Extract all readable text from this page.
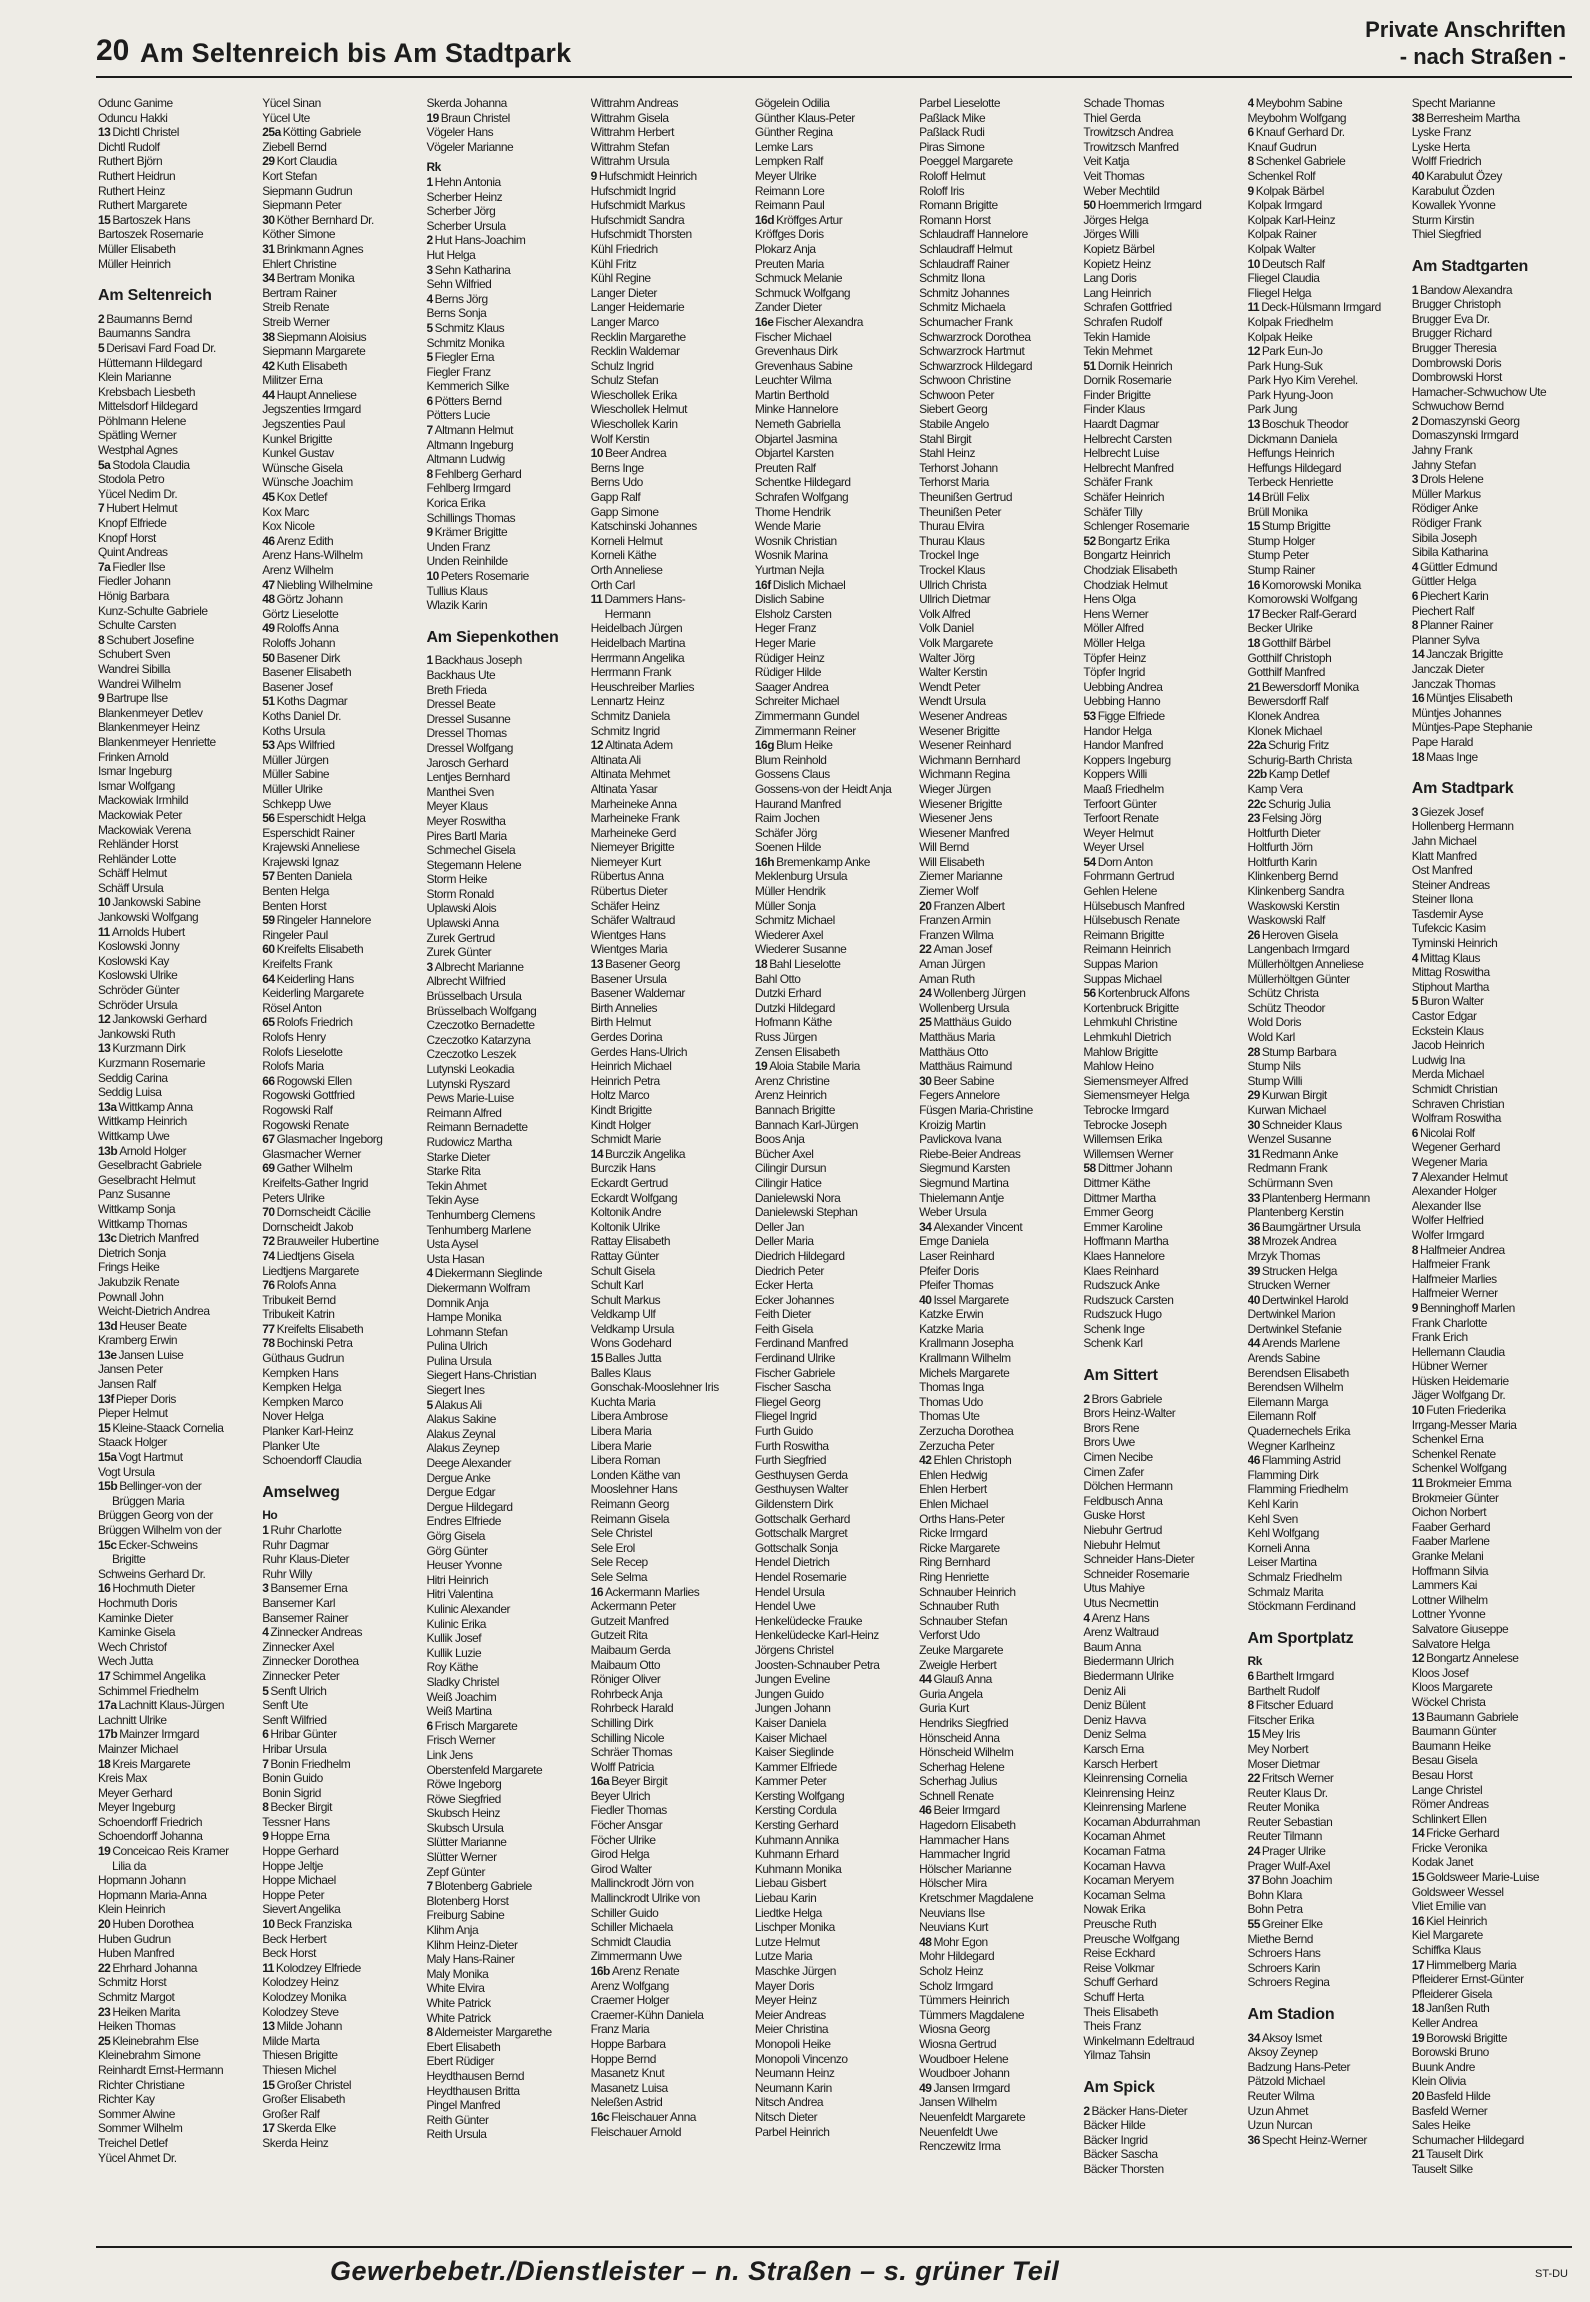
20 Am Seltenreich bis Am Stadtpark
Private Anschriften
- nach Straßen -
Odunc Ganime
Oduncu Hakki
13 Dichtl Christel
Dichtl Rudolf
Ruthert Björn
Ruthert Heidrun
Ruthert Heinz
Ruthert Margarete
15 Bartoszek Hans
Bartoszek Rosemarie
Müller Elisabeth
Müller Heinrich
Am Seltenreich
2 Baumanns Bernd
Baumanns Sandra
5 Derisavi Fard Foad Dr.
Hüttemann Hildegard
Klein Marianne
Krebsbach Liesbeth
Mittelsdorf Hildegard
Pöhlmann Helene
Spätling Werner
Westphal Agnes
5a Stodola Claudia
Stodola Petro
Yücel Nedim Dr.
7 Hubert Helmut
Knopf Elfriede
Knopf Horst
Quint Andreas
7a Fiedler Ilse
Fiedler Johann
Hönig Barbara
Kunz-Schulte Gabriele
Schulte Carsten
8 Schubert Josefine
Schubert Sven
Wandrei Sibilla
Wandrei Wilhelm
9 Bartrupe Ilse
Blankenmeyer Detlev
Blankenmeyer Heinz
Blankenmeyer Henriette
Frinken Arnold
Ismar Ingeburg
Ismar Wolfgang
Mackowiak Irmhild
Mackowiak Peter
Mackowiak Verena
Rehländer Horst
Rehländer Lotte
Schäff Helmut
Schäff Ursula
10 Jankowski Sabine
Jankowski Wolfgang
11 Arnolds Hubert
Koslowski Jonny
Koslowski Kay
Koslowski Ulrike
Schröder Günter
Schröder Ursula
12 Jankowski Gerhard
Jankowski Ruth
13 Kurzmann Dirk
Kurzmann Rosemarie
Seddig Carina
Seddig Luisa
13a Wittkamp Anna
Wittkamp Heinrich
Wittkamp Uwe
13b Arnold Holger
Geselbracht Gabriele
Geselbracht Helmut
Panz Susanne
Wittkamp Sonja
Wittkamp Thomas
13c Dietrich Manfred
Dietrich Sonja
Frings Heike
Jakubzik Renate
Pownall John
Weicht-Dietrich Andrea
13d Heuser Beate
Kramberg Erwin
13e Jansen Luise
Jansen Peter
Jansen Ralf
13f Pieper Doris
Pieper Helmut
15 Kleine-Staack Cornelia
Staack Holger
15a Vogt Hartmut
Vogt Ursula
15b Bellinger-von der
Brüggen Maria
Brüggen Georg von der
Brüggen Wilhelm von der
15c Ecker-Schweins
Brigitte
Schweins Gerhard Dr.
16 Hochmuth Dieter
Hochmuth Doris
Kaminke Dieter
Kaminke Gisela
Wech Christof
Wech Jutta
17 Schimmel Angelika
Schimmel Friedhelm
17a Lachnitt Klaus-Jürgen
Lachnitt Ulrike
17b Mainzer Irmgard
Mainzer Michael
18 Kreis Margarete
Kreis Max
Meyer Gerhard
Meyer Ingeburg
Schoendorff Friedrich
Schoendorff Johanna
19 Conceicao Reis Kramer
Lilia da
Hopmann Johann
Hopmann Maria-Anna
Klein Heinrich
20 Huben Dorothea
Huben Gudrun
Huben Manfred
22 Ehrhard Johanna
Schmitz Horst
Schmitz Margot
23 Heiken Marita
Heiken Thomas
25 Kleinebrahm Else
Kleinebrahm Simone
Reinhardt Ernst-Hermann
Richter Christiane
Richter Kay
Sommer Alwine
Sommer Wilhelm
Treichel Detlef
Yücel Ahmet Dr.
Yücel Sinan
Yücel Ute
25a Kötting Gabriele
Ziebell Bernd
29 Kort Claudia
Kort Stefan
Siepmann Gudrun
Siepmann Peter
30 Köther Bernhard Dr.
Köther Simone
31 Brinkmann Agnes
Ehlert Christine
34 Bertram Monika
Bertram Rainer
Streib Renate
Streib Werner
38 Siepmann Aloisius
Siepmann Margarete
42 Kuth Elisabeth
Militzer Erna
44 Haupt Anneliese
Jegszenties Irmgard
Jegszenties Paul
Kunkel Brigitte
Kunkel Gustav
Wünsche Gisela
Wünsche Joachim
45 Kox Detlef
Kox Marc
Kox Nicole
46 Arenz Edith
Arenz Hans-Wilhelm
Arenz Wilhelm
47 Niebling Wilhelmine
48 Görtz Johann
Görtz Lieselotte
49 Roloffs Anna
Roloffs Johann
50 Basener Dirk
Basener Elisabeth
Basener Josef
51 Koths Dagmar
Koths Daniel Dr.
Koths Ursula
53 Aps Wilfried
Müller Jürgen
Müller Sabine
Müller Ulrike
Schkepp Uwe
56 Esperschidt Helga
Esperschidt Rainer
Krajewski Anneliese
Krajewski Ignaz
57 Benten Daniela
Benten Helga
Benten Horst
59 Ringeler Hannelore
Ringeler Paul
60 Kreifelts Elisabeth
Kreifelts Frank
64 Keiderling Hans
Keiderling Margarete
Rösel Anton
65 Rolofs Friedrich
Rolofs Henry
Rolofs Lieselotte
Rolofs Maria
66 Rogowski Ellen
Rogowski Gottfried
Rogowski Ralf
Rogowski Renate
67 Glasmacher Ingeborg
Glasmacher Werner
69 Gather Wilhelm
Kreifelts-Gather Ingrid
Peters Ulrike
70 Dornscheidt Cäcilie
Dornscheidt Jakob
72 Brauweiler Hubertine
74 Liedtjens Gisela
Liedtjens Margarete
76 Rolofs Anna
Tribukeit Bernd
Tribukeit Katrin
77 Kreifelts Elisabeth
78 Bochinski Petra
Güthaus Gudrun
Kempken Hans
Kempken Helga
Kempken Marco
Nover Helga
Planker Karl-Heinz
Planker Ute
Schoendorff Claudia
Amselweg
Ho
1 Ruhr Charlotte
Ruhr Dagmar
Ruhr Klaus-Dieter
Ruhr Willy
3 Bansemer Erna
Bansemer Karl
Bansemer Rainer
4 Zinnecker Andreas
Zinnecker Axel
Zinnecker Dorothea
Zinnecker Peter
5 Senft Ulrich
Senft Ute
Senft Wilfried
6 Hribar Günter
Hribar Ursula
7 Bonin Friedhelm
Bonin Guido
Bonin Sigrid
8 Becker Birgit
Tessner Hans
9 Hoppe Erna
Hoppe Gerhard
Hoppe Jeltje
Hoppe Michael
Hoppe Peter
Sievert Angelika
10 Beck Franziska
Beck Herbert
Beck Horst
11 Kolodzey Elfriede
Kolodzey Heinz
Kolodzey Monika
Kolodzey Steve
13 Milde Johann
Milde Marta
Thiesen Brigitte
Thiesen Michel
15 Großer Christel
Großer Elisabeth
Großer Ralf
17 Skerda Elke
Skerda Heinz
Skerda Johanna
19 Braun Christel
Vögeler Hans
Vögeler Marianne
Rk
1 Hehn Antonia
Scherber Heinz
Scherber Jörg
Scherber Ursula
2 Hut Hans-Joachim
Hut Helga
3 Sehn Katharina
Sehn Wilfried
4 Berns Jörg
Berns Sonja
5 Schmitz Klaus
Schmitz Monika
5 Fiegler Erna
Fiegler Franz
Kemmerich Silke
6 Pötters Bernd
Pötters Lucie
7 Altmann Helmut
Altmann Ingeburg
Altmann Ludwig
8 Fehlberg Gerhard
Fehlberg Irmgard
Korica Erika
Schillings Thomas
9 Krämer Brigitte
Unden Franz
Unden Reinhilde
10 Peters Rosemarie
Tullius Klaus
Wlazik Karin
Am Siepenkothen
1 Backhaus Joseph
Backhaus Ute
Breth Frieda
Dressel Beate
Dressel Susanne
Dressel Thomas
Dressel Wolfgang
Jarosch Gerhard
Lentjes Bernhard
Manthei Sven
Meyer Klaus
Meyer Roswitha
Pires Bartl Maria
Schmechel Gisela
Stegemann Helene
Storm Heike
Storm Ronald
Uplawski Alois
Uplawski Anna
Zurek Gertrud
Zurek Günter
3 Albrecht Marianne
Albrecht Wilfried
Brüsselbach Ursula
Brüsselbach Wolfgang
Czeczotko Bernadette
Czeczotko Katarzyna
Czeczotko Leszek
Lutynski Leokadia
Lutynski Ryszard
Pews Marie-Luise
Reimann Alfred
Reimann Bernadette
Rudowicz Martha
Starke Dieter
Starke Rita
Tekin Ahmet
Tekin Ayse
Tenhumberg Clemens
Tenhumberg Marlene
Usta Aysel
Usta Hasan
4 Diekermann Sieglinde
Diekermann Wolfram
Domnik Anja
Hampe Monika
Lohmann Stefan
Pulina Ulrich
Pulina Ursula
Siegert Hans-Christian
Siegert Ines
5 Alakus Ali
Alakus Sakine
Alakus Zeynal
Alakus Zeynep
Deege Alexander
Dergue Anke
Dergue Edgar
Dergue Hildegard
Endres Elfriede
Görg Gisela
Görg Günter
Heuser Yvonne
Hitri Heinrich
Hitri Valentina
Kulinic Alexander
Kulinic Erika
Kullik Josef
Kullik Luzie
Roy Käthe
Sladky Christel
Weiß Joachim
Weiß Martina
6 Frisch Margarete
Frisch Werner
Link Jens
Oberstenfeld Margarete
Röwe Ingeborg
Röwe Siegfried
Skubsch Heinz
Skubsch Ursula
Slütter Marianne
Slütter Werner
Zepf Günter
7 Blotenberg Gabriele
Blotenberg Horst
Freiburg Sabine
Klihm Anja
Klihm Heinz-Dieter
Maly Hans-Rainer
Maly Monika
White Elvira
White Patrick
White Patrick
8 Aldemeister Margarethe
Ebert Elisabeth
Ebert Rüdiger
Heydthausen Bernd
Heydthausen Britta
Pingel Manfred
Reith Günter
Reith Ursula
Wittrahm Andreas
Wittrahm Gisela
Wittrahm Herbert
Wittrahm Stefan
Wittrahm Ursula
9 Hufschmidt Heinrich
Hufschmidt Ingrid
Hufschmidt Markus
Hufschmidt Sandra
Hufschmidt Thorsten
Kühl Friedrich
Kühl Fritz
Kühl Regine
Langer Dieter
Langer Heidemarie
Langer Marco
Recklin Margarethe
Recklin Waldemar
Schulz Ingrid
Schulz Stefan
Wieschollek Erika
Wieschollek Helmut
Wieschollek Karin
Wolf Kerstin
10 Beer Andrea
Berns Inge
Berns Udo
Gapp Ralf
Gapp Simone
Katschinski Johannes
Korneli Helmut
Korneli Käthe
Orth Anneliese
Orth Carl
11 Dammers Hans-
Hermann
Heidelbach Jürgen
Heidelbach Martina
Herrmann Angelika
Herrmann Frank
Heuschreiber Marlies
Lennartz Heinz
Schmitz Daniela
Schmitz Ingrid
12 Altinata Adem
Altinata Ali
Altinata Mehmet
Altinata Yasar
Marheineke Anna
Marheineke Frank
Marheineke Gerd
Niemeyer Brigitte
Niemeyer Kurt
Rübertus Anna
Rübertus Dieter
Schäfer Heinz
Schäfer Waltraud
Wientges Hans
Wientges Maria
13 Basener Georg
Basener Ursula
Basener Waldemar
Birth Annelies
Birth Helmut
Gerdes Dorina
Gerdes Hans-Ulrich
Heinrich Michael
Heinrich Petra
Holtz Marco
Kindt Brigitte
Kindt Holger
Schmidt Marie
14 Burczik Angelika
Burczik Hans
Eckardt Gertrud
Eckardt Wolfgang
Koltonik Andre
Koltonik Ulrike
Rattay Elisabeth
Rattay Günter
Schult Gisela
Schult Karl
Schult Markus
Veldkamp Ulf
Veldkamp Ursula
Wons Godehard
15 Balles Jutta
Balles Klaus
Gonschak-Mooslehner Iris
Kuchta Maria
Libera Ambrose
Libera Maria
Libera Marie
Libera Roman
Londen Käthe van
Mooslehner Hans
Reimann Georg
Reimann Gisela
Sele Christel
Sele Erol
Sele Recep
Sele Selma
16 Ackermann Marlies
Ackermann Peter
Gutzeit Manfred
Gutzeit Rita
Maibaum Gerda
Maibaum Otto
Röniger Oliver
Rohrbeck Anja
Rohrbeck Harald
Schilling Dirk
Schilling Nicole
Schräer Thomas
Wolff Patricia
16a Beyer Birgit
Beyer Ulrich
Fiedler Thomas
Föcher Ansgar
Föcher Ulrike
Girod Helga
Girod Walter
Mallinckrodt Jörn von
Mallinckrodt Ulrike von
Schiller Guido
Schiller Michaela
Schmidt Claudia
Zimmermann Uwe
16b Arenz Renate
Arenz Wolfgang
Craemer Holger
Craemer-Kühn Daniela
Franz Maria
Hoppe Barbara
Hoppe Bernd
Masanetz Knut
Masanetz Luisa
Neleßen Astrid
16c Fleischauer Anna
Fleischauer Arnold
Gögelein Odilia
Günther Klaus-Peter
Günther Regina
Lemke Lars
Lempken Ralf
Meyer Ulrike
Reimann Lore
Reimann Paul
16d Kröffges Artur
Kröffges Doris
Plokarz Anja
Preuten Maria
Schmuck Melanie
Schmuck Wolfgang
Zander Dieter
16e Fischer Alexandra
Fischer Michael
Grevenhaus Dirk
Grevenhaus Sabine
Leuchter Wilma
Martin Berthold
Minke Hannelore
Nemeth Gabriella
Objartel Jasmina
Objartel Karsten
Preuten Ralf
Schentke Hildegard
Schrafen Wolfgang
Thome Hendrik
Wende Marie
Wosnik Christian
Wosnik Marina
Yurtman Nejla
16f Dislich Michael
Dislich Sabine
Elsholz Carsten
Heger Franz
Heger Marie
Rüdiger Heinz
Rüdiger Hilde
Saager Andrea
Schreiter Michael
Zimmermann Gundel
Zimmermann Reiner
16g Blum Heike
Blum Reinhold
Gossens Claus
Gossens-von der Heidt Anja
Haurand Manfred
Raim Jochen
Schäfer Jörg
Soenen Hilde
16h Bremenkamp Anke
Meklenburg Ursula
Müller Hendrik
Müller Sonja
Schmitz Michael
Wiederer Axel
Wiederer Susanne
18 Bahl Lieselotte
Bahl Otto
Dutzki Erhard
Dutzki Hildegard
Hofmann Käthe
Russ Jürgen
Zensen Elisabeth
19 Aloia Stabile Maria
Arenz Christine
Arenz Heinrich
Bannach Brigitte
Bannach Karl-Jürgen
Boos Anja
Bücher Axel
Cilingir Dursun
Cilingir Hatice
Danielewski Nora
Danielewski Stephan
Deller Jan
Deller Maria
Diedrich Hildegard
Diedrich Peter
Ecker Herta
Ecker Johannes
Feith Dieter
Feith Gisela
Ferdinand Manfred
Ferdinand Ulrike
Fischer Gabriele
Fischer Sascha
Fliegel Georg
Fliegel Ingrid
Furth Guido
Furth Roswitha
Furth Siegfried
Gesthuysen Gerda
Gesthuysen Walter
Gildenstern Dirk
Gottschalk Gerhard
Gottschalk Margret
Gottschalk Sonja
Hendel Dietrich
Hendel Rosemarie
Hendel Ursula
Hendel Uwe
Henkelüdecke Frauke
Henkelüdecke Karl-Heinz
Jörgens Christel
Joosten-Schnauber Petra
Jungen Eveline
Jungen Guido
Jungen Johann
Kaiser Daniela
Kaiser Michael
Kaiser Sieglinde
Kammer Elfriede
Kammer Peter
Kersting Wolfgang
Kersting Cordula
Kersting Gerhard
Kuhmann Annika
Kuhmann Erhard
Kuhmann Monika
Liebau Gisbert
Liebau Karin
Liedtke Helga
Lischper Monika
Lutze Helmut
Lutze Maria
Maschke Jürgen
Mayer Doris
Meyer Heinz
Meier Andreas
Meier Christina
Monopoli Heike
Monopoli Vincenzo
Neumann Heinz
Neumann Karin
Nitsch Andrea
Nitsch Dieter
Parbel Heinrich
Parbel Lieselotte
Paßlack Mike
Paßlack Rudi
Piras Simone
Poeggel Margarete
Roloff Helmut
Roloff Iris
Romann Brigitte
Romann Horst
Schlaudraff Hannelore
Schlaudraff Helmut
Schlaudraff Rainer
Schmitz Ilona
Schmitz Johannes
Schmitz Michaela
Schumacher Frank
Schwarzrock Dorothea
Schwarzrock Hartmut
Schwarzrock Hildegard
Schwoon Christine
Schwoon Peter
Siebert Georg
Stabile Angelo
Stahl Birgit
Stahl Heinz
Terhorst Johann
Terhorst Maria
Theunißen Gertrud
Theunißen Peter
Thurau Elvira
Thurau Klaus
Trockel Inge
Trockel Klaus
Ullrich Christa
Ullrich Dietmar
Volk Alfred
Volk Daniel
Volk Margarete
Walter Jörg
Walter Kerstin
Wendt Peter
Wendt Ursula
Wesener Andreas
Wesener Brigitte
Wesener Reinhard
Wichmann Bernhard
Wichmann Regina
Wieger Jürgen
Wiesener Brigitte
Wiesener Jens
Wiesener Manfred
Will Bernd
Will Elisabeth
Ziemer Marianne
Ziemer Wolf
20 Franzen Albert
Franzen Armin
Franzen Wilma
22 Aman Josef
Aman Jürgen
Aman Ruth
24 Wollenberg Jürgen
Wollenberg Ursula
25 Matthäus Guido
Matthäus Maria
Matthäus Otto
Matthäus Raimund
30 Beer Sabine
Fegers Annelore
Füsgen Maria-Christine
Kroizig Martin
Pavlickova Ivana
Riebe-Beier Andreas
Siegmund Karsten
Siegmund Martina
Thielemann Antje
Weber Ursula
34 Alexander Vincent
Emge Daniela
Laser Reinhard
Pfeifer Doris
Pfeifer Thomas
40 Issel Margarete
Katzke Erwin
Katzke Maria
Krallmann Josepha
Krallmann Wilhelm
Michels Margarete
Thomas Inga
Thomas Udo
Thomas Ute
Zerzucha Dorothea
Zerzucha Peter
42 Ehlen Christoph
Ehlen Hedwig
Ehlen Herbert
Ehlen Michael
Orths Hans-Peter
Ricke Irmgard
Ricke Margarete
Ring Bernhard
Ring Henriette
Schnauber Heinrich
Schnauber Ruth
Schnauber Stefan
Verforst Udo
Zeuke Margarete
Zweigle Herbert
44 Glauß Anna
Guria Angela
Guria Kurt
Hendriks Siegfried
Hönscheid Anna
Hönscheid Wilhelm
Scherhag Helene
Scherhag Julius
Schnell Renate
46 Beier Irmgard
Hagedorn Elisabeth
Hammacher Hans
Hammacher Ingrid
Hölscher Marianne
Hölscher Mira
Kretschmer Magdalene
Neuvians Ilse
Neuvians Kurt
48 Mohr Egon
Mohr Hildegard
Scholz Heinz
Scholz Irmgard
Tümmers Heinrich
Tümmers Magdalene
Wiosna Georg
Wiosna Gertrud
Woudboer Helene
Woudboer Johann
49 Jansen Irmgard
Jansen Wilhelm
Neuenfeldt Margarete
Neuenfeldt Uwe
Renczewitz Irma
Schade Thomas
Thiel Gerda
Trowitzsch Andrea
Trowitzsch Manfred
Veit Katja
Veit Thomas
Weber Mechtild
50 Hoemmerich Irmgard
Jörges Helga
Jörges Willi
Kopietz Bärbel
Kopietz Heinz
Lang Doris
Lang Heinrich
Schrafen Gottfried
Schrafen Rudolf
Tekin Hamide
Tekin Mehmet
51 Dornik Heinrich
Dornik Rosemarie
Finder Brigitte
Finder Klaus
Haardt Dagmar
Helbrecht Carsten
Helbrecht Luise
Helbrecht Manfred
Schäfer Frank
Schäfer Heinrich
Schäfer Tilly
Schlenger Rosemarie
52 Bongartz Erika
Bongartz Heinrich
Chodziak Elisabeth
Chodziak Helmut
Hens Olga
Hens Werner
Möller Alfred
Möller Helga
Töpfer Heinz
Töpfer Ingrid
Uebbing Andrea
Uebbing Hanno
53 Figge Elfriede
Handor Helga
Handor Manfred
Koppers Ingeburg
Koppers Willi
Maaß Friedhelm
Terfoort Günter
Terfoort Renate
Weyer Helmut
Weyer Ursel
54 Dorn Anton
Fohrmann Gertrud
Gehlen Helene
Hülsebusch Manfred
Hülsebusch Renate
Reimann Brigitte
Reimann Heinrich
Suppas Marion
Suppas Michael
56 Kortenbruck Alfons
Kortenbruck Brigitte
Lehmkuhl Christine
Lehmkuhl Dietrich
Mahlow Brigitte
Mahlow Heino
Siemensmeyer Alfred
Siemensmeyer Helga
Tebrocke Irmgard
Tebrocke Joseph
Willemsen Erika
Willemsen Werner
58 Dittmer Johann
Dittmer Käthe
Dittmer Martha
Emmer Georg
Emmer Karoline
Hoffmann Martha
Klaes Hannelore
Klaes Reinhard
Rudszuck Anke
Rudszuck Carsten
Rudszuck Hugo
Schenk Inge
Schenk Karl
Am Sittert
2 Brors Gabriele
Brors Heinz-Walter
Brors Rene
Brors Uwe
Cimen Necibe
Cimen Zafer
Dölchen Hermann
Feldbusch Anna
Guske Horst
Niebuhr Gertrud
Niebuhr Helmut
Schneider Hans-Dieter
Schneider Rosemarie
Utus Mahiye
Utus Necmettin
4 Arenz Hans
Arenz Waltraud
Baum Anna
Biedermann Ulrich
Biedermann Ulrike
Deniz Ali
Deniz Bülent
Deniz Havva
Deniz Selma
Karsch Erna
Karsch Herbert
Kleinrensing Cornelia
Kleinrensing Heinz
Kleinrensing Marlene
Kocaman Abdurrahman
Kocaman Ahmet
Kocaman Fatma
Kocaman Havva
Kocaman Meryem
Kocaman Selma
Nowak Erika
Preusche Ruth
Preusche Wolfgang
Reise Eckhard
Reise Volkmar
Schuff Gerhard
Schuff Herta
Theis Elisabeth
Theis Franz
Winkelmann Edeltraud
Yilmaz Tahsin
Am Spick
2 Bäcker Hans-Dieter
Bäcker Hilde
Bäcker Ingrid
Bäcker Sascha
Bäcker Thorsten
4 Meybohm Sabine
Meybohm Wolfgang
6 Knauf Gerhard Dr.
Knauf Gudrun
8 Schenkel Gabriele
Schenkel Rolf
9 Kolpak Bärbel
Kolpak Irmgard
Kolpak Karl-Heinz
Kolpak Rainer
Kolpak Walter
10 Deutsch Ralf
Fliegel Claudia
Fliegel Helga
11 Deck-Hülsmann Irmgard
Kolpak Friedhelm
Kolpak Heike
12 Park Eun-Jo
Park Hung-Suk
Park Hyo Kim Verehel.
Park Hyung-Joon
Park Jung
13 Boschuk Theodor
Dickmann Daniela
Heffungs Heinrich
Heffungs Hildegard
Terbeck Henriette
14 Brüll Felix
Brüll Monika
15 Stump Brigitte
Stump Holger
Stump Peter
Stump Rainer
16 Komorowski Monika
Komorowski Wolfgang
17 Becker Ralf-Gerard
Becker Ulrike
18 Gotthilf Bärbel
Gotthilf Christoph
Gotthilf Manfred
21 Bewersdorff Monika
Bewersdorff Ralf
Klonek Andrea
Klonek Michael
22a Schurig Fritz
Schurig-Barth Christa
22b Kamp Detlef
Kamp Vera
22c Schurig Julia
23 Felsing Jörg
Holtfurth Dieter
Holtfurth Jörn
Holtfurth Karin
Klinkenberg Bernd
Klinkenberg Sandra
Waskowski Kerstin
Waskowski Ralf
26 Heroven Gisela
Langenbach Irmgard
Müllerhöltgen Anneliese
Müllerhöltgen Günter
Schütz Christa
Schütz Theodor
Wold Doris
Wold Karl
28 Stump Barbara
Stump Nils
Stump Willi
29 Kurwan Birgit
Kurwan Michael
30 Schneider Klaus
Wenzel Susanne
31 Redmann Anke
Redmann Frank
Schürmann Sven
33 Plantenberg Hermann
Plantenberg Kerstin
36 Baumgärtner Ursula
38 Mrozek Andrea
Mrzyk Thomas
39 Strucken Helga
Strucken Werner
40 Dertwinkel Harold
Dertwinkel Marion
Dertwinkel Stefanie
44 Arends Marlene
Arends Sabine
Berendsen Elisabeth
Berendsen Wilhelm
Eilemann Marga
Eilemann Rolf
Quadernechels Erika
Wegner Karlheinz
46 Flamming Astrid
Flamming Dirk
Flamming Friedhelm
Kehl Karin
Kehl Sven
Kehl Wolfgang
Korneli Anna
Leiser Martina
Schmalz Friedhelm
Schmalz Marita
Stöckmann Ferdinand
Am Sportplatz
Rk
6 Barthelt Irmgard
Barthelt Rudolf
8 Fitscher Eduard
Fitscher Erika
15 Mey Iris
Mey Norbert
Moser Dietmar
22 Fritsch Werner
Reuter Klaus Dr.
Reuter Monika
Reuter Sebastian
Reuter Tilmann
24 Prager Ulrike
Prager Wulf-Axel
37 Bohn Joachim
Bohn Klara
Bohn Petra
55 Greiner Elke
Miethe Bernd
Schroers Hans
Schroers Karin
Schroers Regina
Am Stadion
34 Aksoy Ismet
Aksoy Zeynep
Badzung Hans-Peter
Pätzold Michael
Reuter Wilma
Uzun Ahmet
Uzun Nurcan
36 Specht Heinz-Werner
Specht Marianne
38 Berresheim Martha
Lyske Franz
Lyske Herta
Wolff Friedrich
40 Karabulut Özey
Karabulut Özden
Kowallek Yvonne
Sturm Kirstin
Thiel Siegfried
Am Stadtgarten
1 Bandow Alexandra
Brugger Christoph
Brugger Eva Dr.
Brugger Richard
Brugger Theresia
Dombrowski Doris
Dombrowski Horst
Hamacher-Schwuchow Ute
Schwuchow Bernd
2 Domaszynski Georg
Domaszynski Irmgard
Jahny Frank
Jahny Stefan
3 Drols Helene
Müller Markus
Rödiger Anke
Rödiger Frank
Sibila Joseph
Sibila Katharina
4 Güttler Edmund
Güttler Helga
6 Piechert Karin
Piechert Ralf
8 Planner Rainer
Planner Sylva
14 Janczak Brigitte
Janczak Dieter
Janczak Thomas
16 Müntjes Elisabeth
Müntjes Johannes
Müntjes-Pape Stephanie
Pape Harald
18 Maas Inge
Am Stadtpark
3 Giezek Josef
Hollenberg Hermann
Jahn Michael
Klatt Manfred
Ost Manfred
Steiner Andreas
Steiner Ilona
Tasdemir Ayse
Tufekcic Kasim
Tyminski Heinrich
4 Mittag Klaus
Mittag Roswitha
Stiphout Martha
5 Buron Walter
Castor Edgar
Eckstein Klaus
Jacob Heinrich
Ludwig Ina
Merda Michael
Schmidt Christian
Schraven Christian
Wolfram Roswitha
6 Nicolai Rolf
Wegener Gerhard
Wegener Maria
7 Alexander Helmut
Alexander Holger
Alexander Ilse
Wolfer Helfried
Wolfer Irmgard
8 Halfmeier Andrea
Halfmeier Frank
Halfmeier Marlies
Halfmeier Werner
9 Benninghoff Marlen
Frank Charlotte
Frank Erich
Hellemann Claudia
Hübner Werner
Hüsken Heidemarie
Jäger Wolfgang Dr.
10 Futen Friederika
Irrgang-Messer Maria
Schenkel Erna
Schenkel Renate
Schenkel Wolfgang
11 Brokmeier Emma
Brokmeier Günter
Oichon Norbert
Faaber Gerhard
Faaber Marlene
Granke Melani
Hoffmann Silvia
Lammers Kai
Lottner Wilhelm
Lottner Yvonne
Salvatore Giuseppe
Salvatore Helga
12 Bongartz Annelese
Kloos Josef
Kloos Margarete
Wöckel Christa
13 Baumann Gabriele
Baumann Günter
Baumann Heike
Besau Gisela
Besau Horst
Lange Christel
Römer Andreas
Schlinkert Ellen
14 Fricke Gerhard
Fricke Veronika
Kodak Janet
15 Goldsweer Marie-Luise
Goldsweer Wessel
Vliet Emilie van
16 Kiel Heinrich
Kiel Margarete
Schiffka Klaus
17 Himmelberg Maria
Pfleiderer Ernst-Günter
Pfleiderer Gisela
18 Janßen Ruth
Keller Andrea
19 Borowski Brigitte
Borowski Bruno
Buunk Andre
Klein Olivia
20 Basfeld Hilde
Basfeld Werner
Sales Heike
Schumacher Hildegard
21 Tauselt Dirk
Tauselt Silke
Gewerbebetr./Dienstleister – n. Straßen – s. grüner Teil	ST-DU
